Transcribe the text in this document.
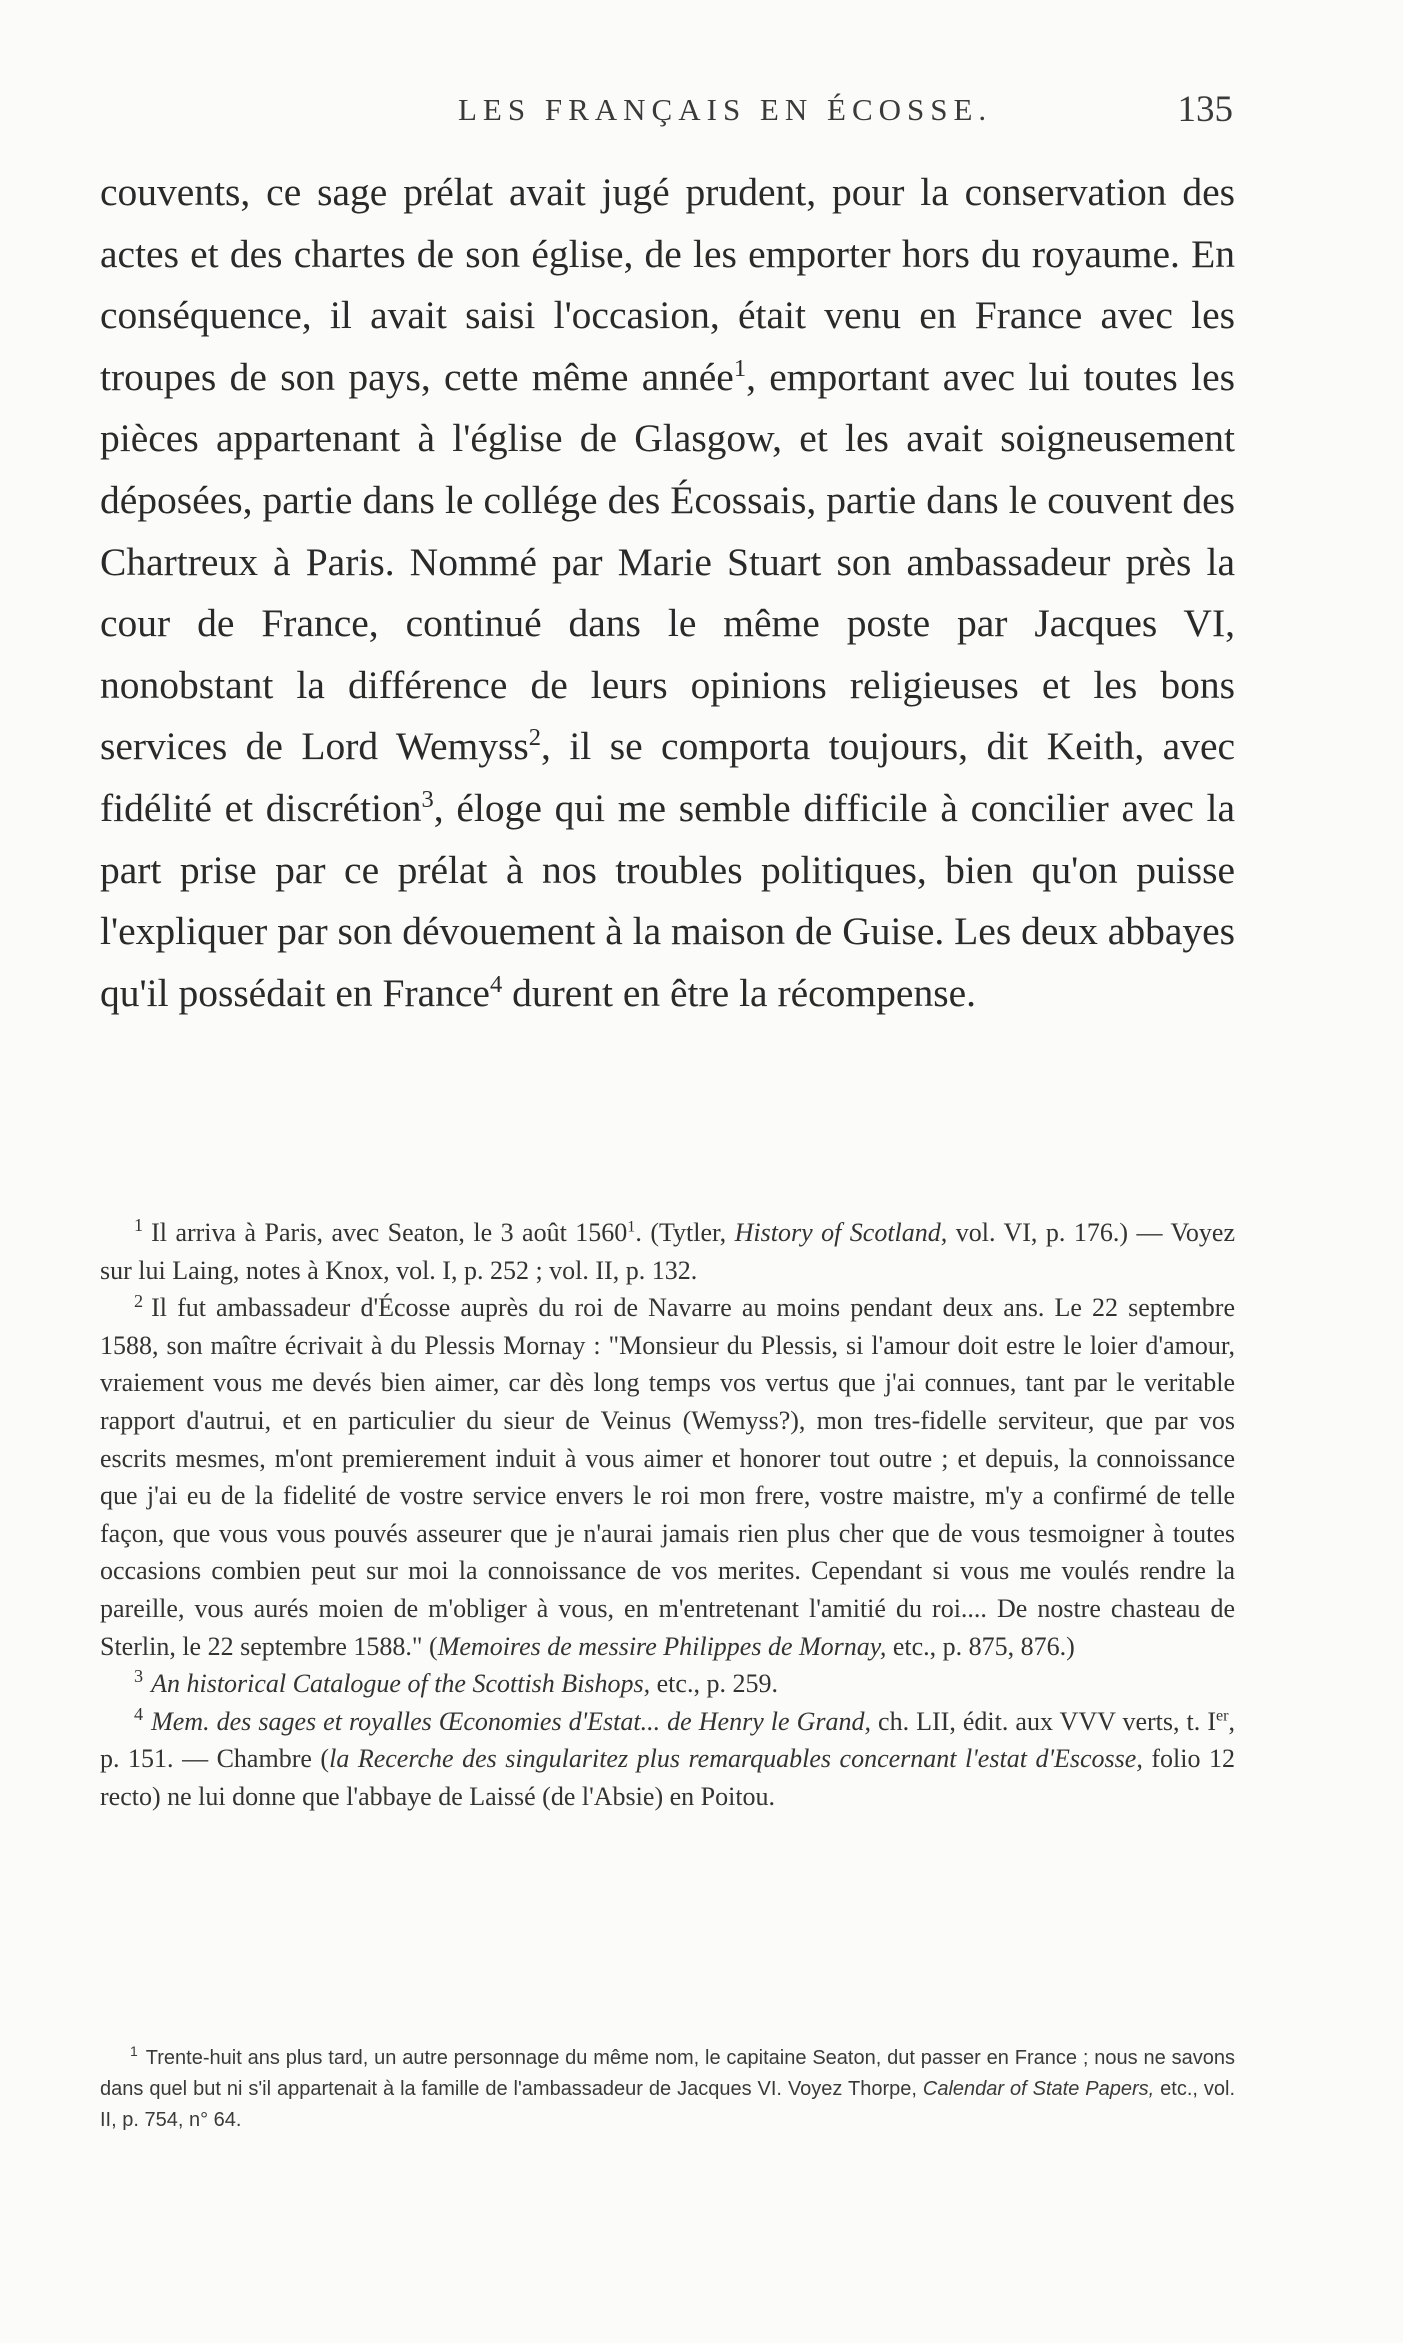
LES FRANÇAIS EN ÉCOSSE.	135

couvents, ce sage prélat avait jugé prudent, pour la conservation des actes et des chartes de son église, de les emporter hors du royaume. En conséquence, il avait saisi l'occasion, était venu en France avec les troupes de son pays, cette même année$^1$, emportant avec lui toutes les pièces appartenant à l'église de Glasgow, et les avait soigneusement déposées, partie dans le collége des Écossais, partie dans le couvent des Chartreux à Paris. Nommé par Marie Stuart son ambassadeur près la cour de France, continué dans le même poste par Jacques VI, nonobstant la différence de leurs opinions religieuses et les bons services de Lord Wemyss$^2$, il se comporta toujours, dit Keith, avec fidélité et discrétion$^3$, éloge qui me semble difficile à concilier avec la part prise par ce prélat à nos troubles politiques, bien qu'on puisse l'expliquer par son dévouement à la maison de Guise. Les deux abbayes qu'il possédait en France$^4$ durent en être la récompense.

$^1$ Il arriva à Paris, avec Seaton, le 3 août 1560$^1$. (Tytler, History of Scotland, vol. VI, p. 176.) — Voyez sur lui Laing, notes à Knox, vol. I, p. 252 ; vol. II, p. 132.

$^2$ Il fut ambassadeur d'Écosse auprès du roi de Navarre au moins pendant deux ans. Le 22 septembre 1588, son maître écrivait à du Plessis Mornay : "Monsieur du Plessis, si l'amour doit estre le loier d'amour, vraiement vous me devés bien aimer, car dès long temps vos vertus que j'ai connues, tant par le veritable rapport d'autrui, et en particulier du sieur de Veinus (Wemyss?), mon tres-fidelle serviteur, que par vos escrits mesmes, m'ont premierement induit à vous aimer et honorer tout outre ; et depuis, la connoissance que j'ai eu de la fidelité de vostre service envers le roi mon frere, vostre maistre, m'y a confirmé de telle façon, que vous vous pouvés asseurer que je n'aurai jamais rien plus cher que de vous tesmoigner à toutes occasions combien peut sur moi la connoissance de vos merites. Cependant si vous me voulés rendre la pareille, vous aurés moien de m'obliger à vous, en m'entretenant l'amitié du roi.... De nostre chasteau de Sterlin, le 22 septembre 1588." (Memoires de messire Philippes de Mornay, etc., p. 875, 876.)

$^3$ An historical Catalogue of the Scottish Bishops, etc., p. 259.

$^4$ Mem. des sages et royalles Œconomies d'Estat... de Henry le Grand, ch. LII, édit. aux VVV verts, t. Ier, p. 151. — Chambre (la Recerche des singularitez plus remarquables concernant l'estat d'Escosse, folio 12 recto) ne lui donne que l'abbaye de Laissé (de l'Absie) en Poitou.

$^1$ Trente-huit ans plus tard, un autre personnage du même nom, le capitaine Seaton, dut passer en France ; nous ne savons dans quel but ni s'il appartenait à la famille de l'ambassadeur de Jacques VI. Voyez Thorpe, Calendar of State Papers, etc., vol. II, p. 754, n° 64.
